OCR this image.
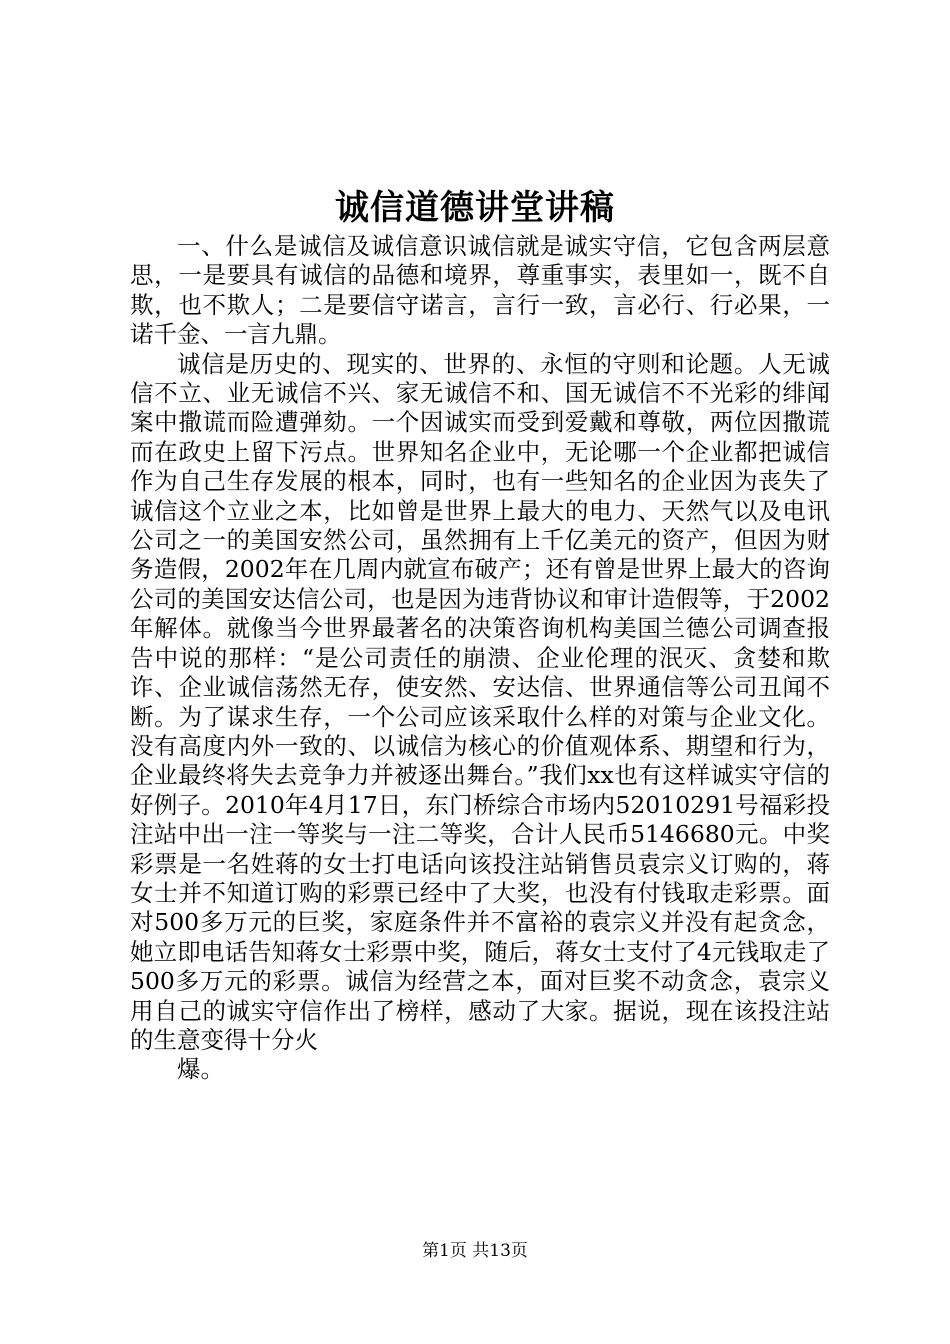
诚信道德讲堂讲稿

一、什么是诚信及诚信意识诚信就是诚实守信，它包含两层意思，一是要具有诚信的品德和境界，尊重事实，表里如一，既不自欺，也不欺人；二是要信守诺言，言行一致，言必行、行必果，一诺千金、一言九鼎。

诚信是历史的、现实的、世界的、永恒的守则和论题。人无诚信不立、业无诚信不兴、家无诚信不和、国无诚信不不光彩的绯闻案中撒谎而险遭弹劾。一个因诚实而受到爱戴和尊敬，两位因撒谎而在政史上留下污点。世界知名企业中，无论哪一个企业都把诚信作为自己生存发展的根本，同时，也有一些知名的企业因为丧失了诚信这个立业之本，比如曾是世界上最大的电力、天然气以及电讯公司之一的美国安然公司，虽然拥有上千亿美元的资产，但因为财务造假，2002年在几周内就宣布破产；还有曾是世界上最大的咨询公司的美国安达信公司，也是因为违背协议和审计造假等，于2002年解体。就像当今世界最著名的决策咨询机构美国兰德公司调查报告中说的那样：“是公司责任的崩溃、企业伦理的泯灭、贪婪和欺诈、企业诚信荡然无存，使安然、安达信、世界通信等公司丑闻不断。为了谋求生存，一个公司应该采取什么样的对策与企业文化。没有高度内外一致的、以诚信为核心的价值观体系、期望和行为，企业最终将失去竞争力并被逐出舞台。”我们xx也有这样诚实守信的好例子。2010年4月17日，东门桥综合市场内52010291号福彩投注站中出一注一等奖与一注二等奖，合计人民币5146680元。中奖彩票是一名姓蒋的女士打电话向该投注站销售员袁宗义订购的，蒋女士并不知道订购的彩票已经中了大奖，也没有付钱取走彩票。面对500多万元的巨奖，家庭条件并不富裕的袁宗义并没有起贪念，她立即电话告知蒋女士彩票中奖，随后，蒋女士支付了4元钱取走了500多万元的彩票。诚信为经营之本，面对巨奖不动贪念，袁宗义用自己的诚实守信作出了榜样，感动了大家。据说，现在该投注站的生意变得十分火

爆。

第1页 共13页
